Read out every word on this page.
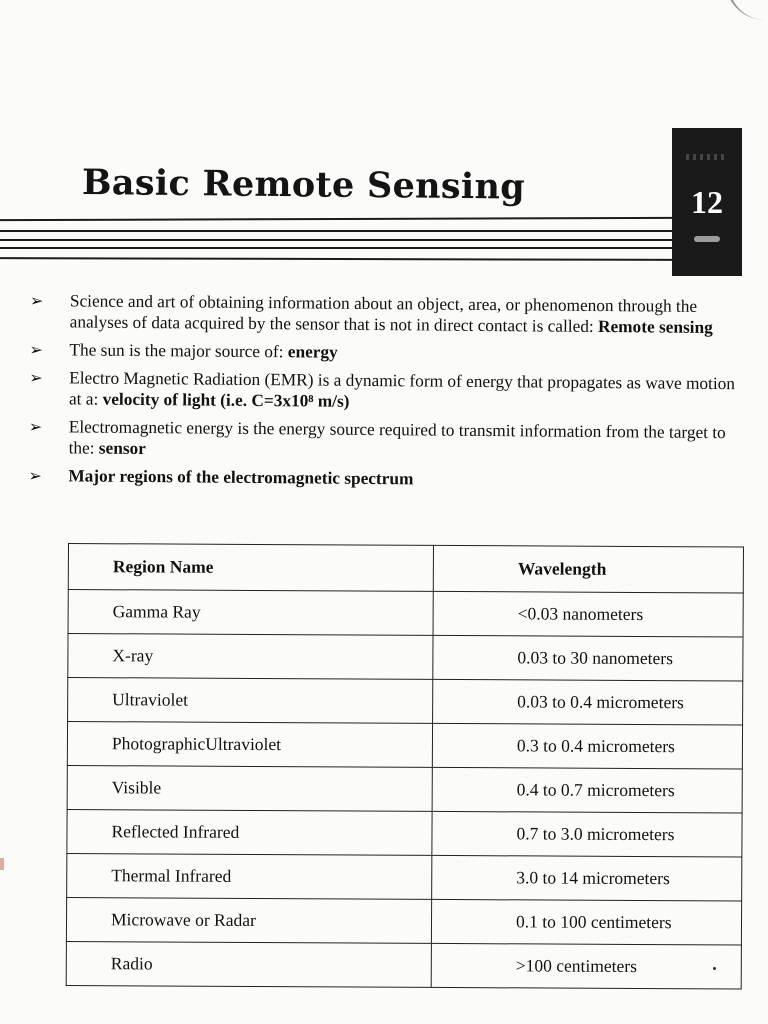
Basic Remote Sensing	12
➢ Science and art of obtaining information about an object, area, or phenomenon through the analyses of data acquired by the sensor that is not in direct contact is called: Remote sensing
➢ The sun is the major source of: energy
➢ Electro Magnetic Radiation (EMR) is a dynamic form of energy that propagates as wave motion at a: velocity of light (i.e. C=3x10⁸ m/s)
➢ Electromagnetic energy is the energy source required to transmit information from the target to the: sensor
➢ Major regions of the electromagnetic spectrum
Region Name	Wavelength
Gamma Ray	<0.03 nanometers
X-ray	0.03 to 30 nanometers
Ultraviolet	0.03 to 0.4 micrometers
PhotographicUltraviolet	0.3 to 0.4 micrometers
Visible	0.4 to 0.7 micrometers
Reflected Infrared	0.7 to 3.0 micrometers
Thermal Infrared	3.0 to 14 micrometers
Microwave or Radar	0.1 to 100 centimeters
Radio	>100 centimeters
